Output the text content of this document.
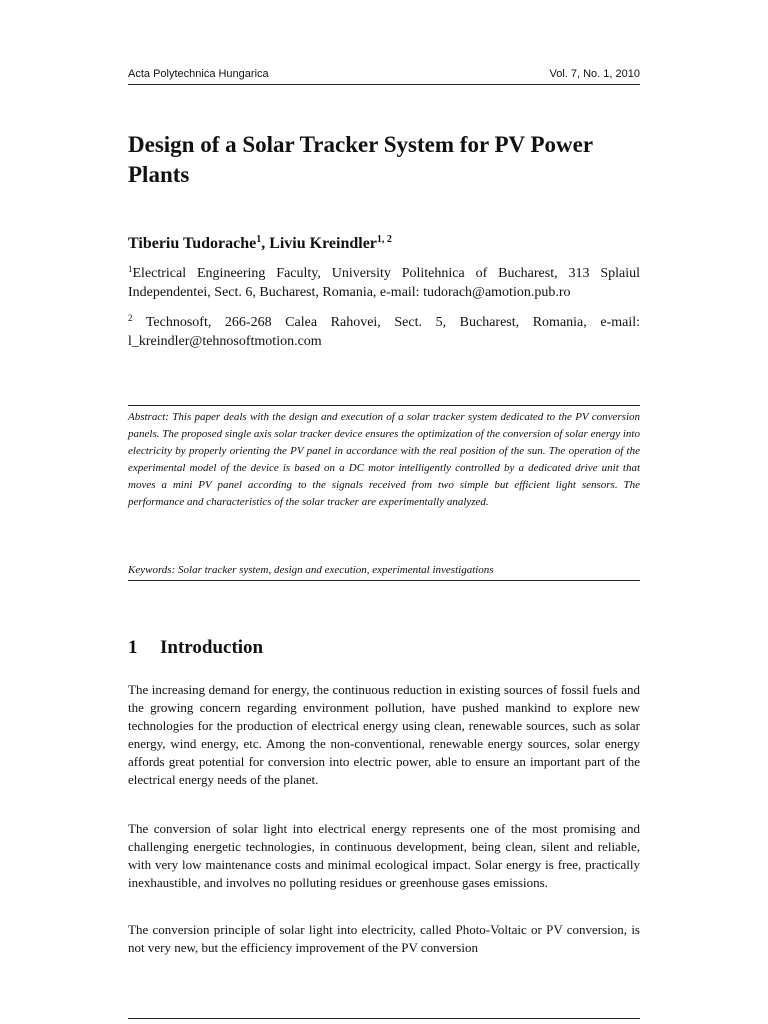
Acta Polytechnica Hungarica	Vol. 7, No. 1, 2010
Design of a Solar Tracker System for PV Power Plants
Tiberiu Tudorache$^1$, Liviu Kreindler$^{1, 2}$

$^1$Electrical Engineering Faculty, University Politehnica of Bucharest, 313 Splaiul Independentei, Sect. 6, Bucharest, Romania, e-mail: tudorach@amotion.pub.ro

$^2$ Technosoft, 266-268 Calea Rahovei, Sect. 5, Bucharest, Romania, e-mail: l_kreindler@tehnosoftmotion.com

Abstract: This paper deals with the design and execution of a solar tracker system dedicated to the PV conversion panels. The proposed single axis solar tracker device ensures the optimization of the conversion of solar energy into electricity by properly orienting the PV panel in accordance with the real position of the sun. The operation of the experimental model of the device is based on a DC motor intelligently controlled by a dedicated drive unit that moves a mini PV panel according to the signals received from two simple but efficient light sensors. The performance and characteristics of the solar tracker are experimentally analyzed.

Keywords: Solar tracker system, design and execution, experimental investigations

1 Introduction

The increasing demand for energy, the continuous reduction in existing sources of fossil fuels and the growing concern regarding environment pollution, have pushed mankind to explore new technologies for the production of electrical energy using clean, renewable sources, such as solar energy, wind energy, etc. Among the non-conventional, renewable energy sources, solar energy affords great potential for conversion into electric power, able to ensure an important part of the electrical energy needs of the planet.

The conversion of solar light into electrical energy represents one of the most promising and challenging energetic technologies, in continuous development, being clean, silent and reliable, with very low maintenance costs and minimal ecological impact. Solar energy is free, practically inexhaustible, and involves no polluting residues or greenhouse gases emissions.

The conversion principle of solar light into electricity, called Photo-Voltaic or PV conversion, is not very new, but the efficiency improvement of the PV conversion
